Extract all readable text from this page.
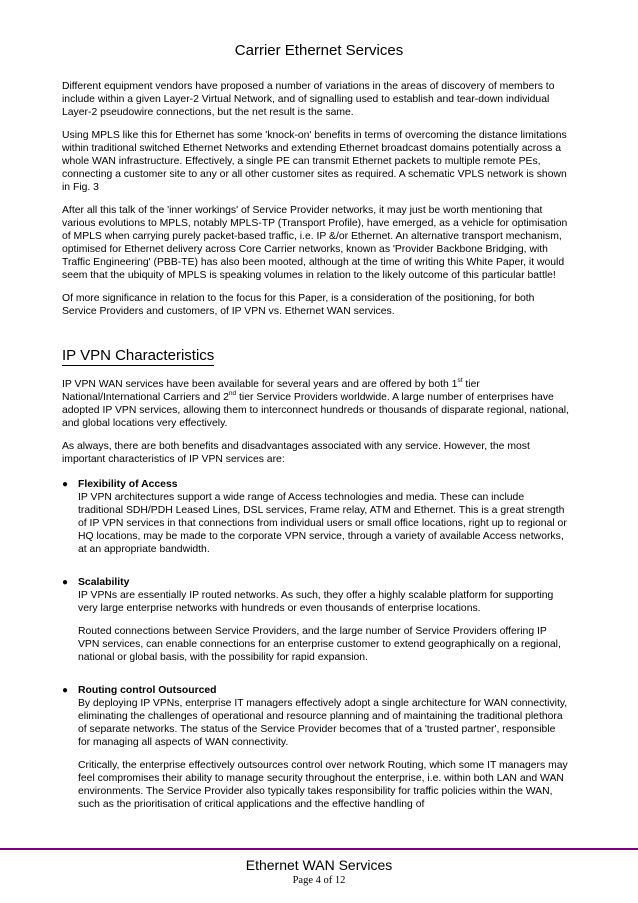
Carrier Ethernet Services

Different equipment vendors have proposed a number of variations in the areas of discovery of members to include within a given Layer-2 Virtual Network, and of signalling used to establish and tear-down individual Layer-2 pseudowire connections, but the net result is the same.

Using MPLS like this for Ethernet has some 'knock-on' benefits in terms of overcoming the distance limitations within traditional switched Ethernet Networks and extending Ethernet broadcast domains potentially across a whole WAN infrastructure. Effectively, a single PE can transmit Ethernet packets to multiple remote PEs, connecting a customer site to any or all other customer sites as required. A schematic VPLS network is shown in Fig. 3

After all this talk of the 'inner workings' of Service Provider networks, it may just be worth mentioning that various evolutions to MPLS, notably MPLS-TP (Transport Profile), have emerged, as a vehicle for optimisation of MPLS when carrying purely packet-based traffic, i.e. IP &/or Ethernet. An alternative transport mechanism, optimised for Ethernet delivery across Core Carrier networks, known as 'Provider Backbone Bridging, with Traffic Engineering' (PBB-TE) has also been mooted, although at the time of writing this White Paper, it would seem that the ubiquity of MPLS is speaking volumes in relation to the likely outcome of this particular battle!

Of more significance in relation to the focus for this Paper, is a consideration of the positioning, for both Service Providers and customers, of IP VPN vs. Ethernet WAN services.

IP VPN Characteristics

IP VPN WAN services have been available for several years and are offered by both 1st tier National/International Carriers and 2nd tier Service Providers worldwide. A large number of enterprises have adopted IP VPN services, allowing them to interconnect hundreds or thousands of disparate regional, national, and global locations very effectively.

As always, there are both benefits and disadvantages associated with any service. However, the most important characteristics of IP VPN services are:

● Flexibility of Access

IP VPN architectures support a wide range of Access technologies and media. These can include traditional SDH/PDH Leased Lines, DSL services, Frame relay, ATM and Ethernet. This is a great strength of IP VPN services in that connections from individual users or small office locations, right up to regional or HQ locations, may be made to the corporate VPN service, through a variety of available Access networks, at an appropriate bandwidth.

● Scalability

IP VPNs are essentially IP routed networks. As such, they offer a highly scalable platform for supporting very large enterprise networks with hundreds or even thousands of enterprise locations.

Routed connections between Service Providers, and the large number of Service Providers offering IP VPN services, can enable connections for an enterprise customer to extend geographically on a regional, national or global basis, with the possibility for rapid expansion.

● Routing control Outsourced

By deploying IP VPNs, enterprise IT managers effectively adopt a single architecture for WAN connectivity, eliminating the challenges of operational and resource planning and of maintaining the traditional plethora of separate networks. The status of the Service Provider becomes that of a 'trusted partner', responsible for managing all aspects of WAN connectivity.

Critically, the enterprise effectively outsources control over network Routing, which some IT managers may feel compromises their ability to manage security throughout the enterprise, i.e. within both LAN and WAN environments. The Service Provider also typically takes responsibility for traffic policies within the WAN, such as the prioritisation of critical applications and the effective handling of

Ethernet WAN Services
Page 4 of 12
